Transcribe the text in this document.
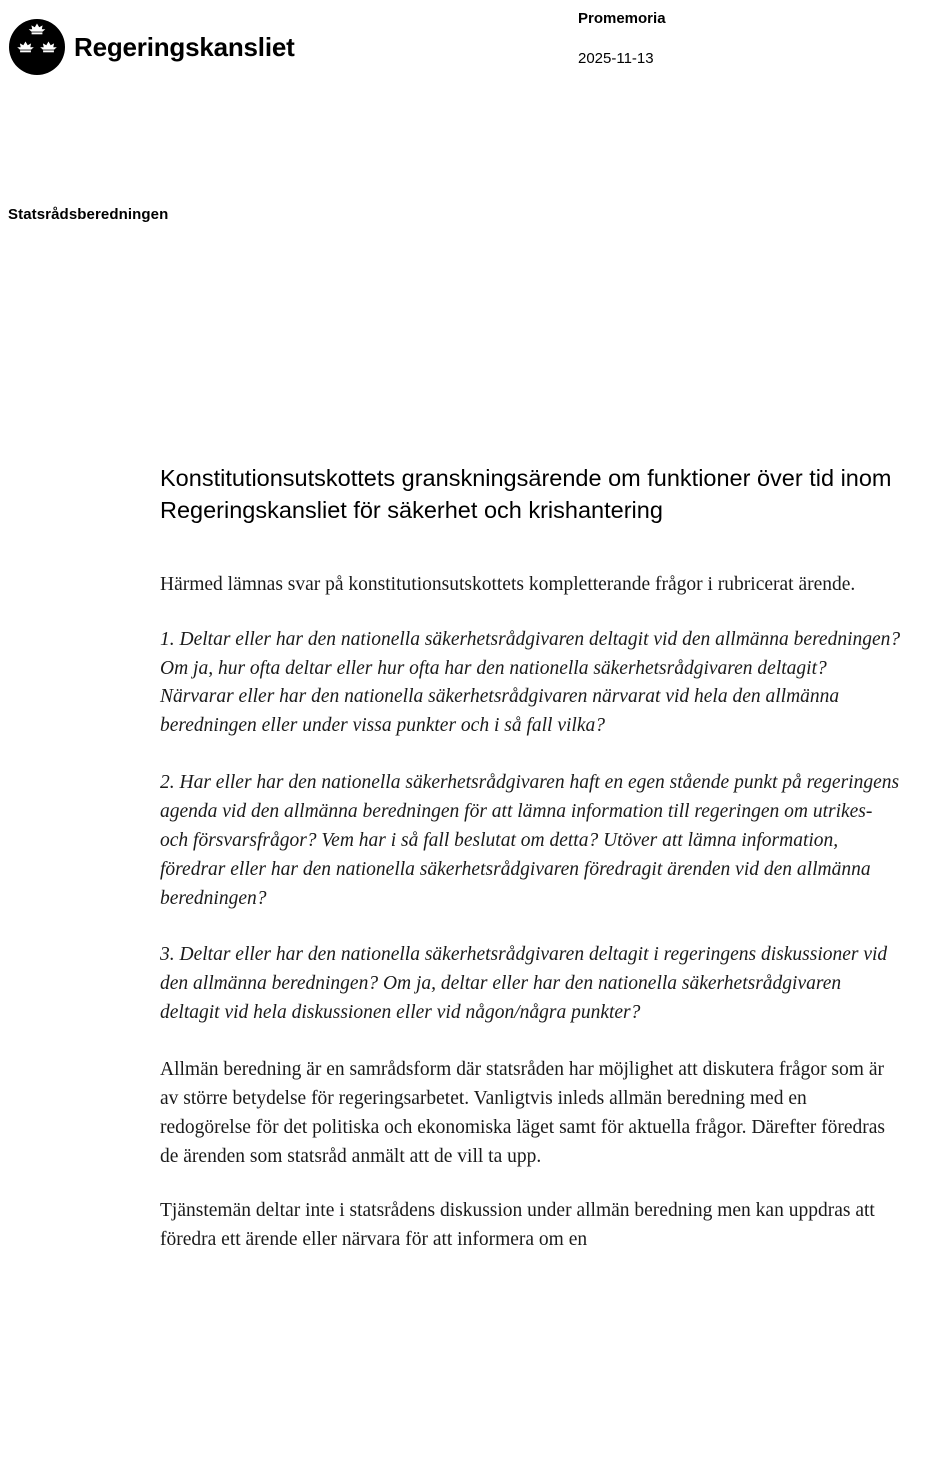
Regeringskansliet

Promemoria

2025-11-13

Statsrådsberedningen
Konstitutionsutskottets granskningsärende om funktioner över tid inom Regeringskansliet för säkerhet och krishantering

Härmed lämnas svar på konstitutionsutskottets kompletterande frågor i rubricerat ärende.

1. Deltar eller har den nationella säkerhetsrådgivaren deltagit vid den allmänna beredningen? Om ja, hur ofta deltar eller hur ofta har den nationella säkerhetsrådgivaren deltagit? Närvarar eller har den nationella säkerhetsrådgivaren närvarat vid hela den allmänna beredningen eller under vissa punkter och i så fall vilka?

2. Har eller har den nationella säkerhetsrådgivaren haft en egen stående punkt på regeringens agenda vid den allmänna beredningen för att lämna information till regeringen om utrikes- och försvarsfrågor? Vem har i så fall beslutat om detta? Utöver att lämna information, föredrar eller har den nationella säkerhetsrådgivaren föredragit ärenden vid den allmänna beredningen?

3. Deltar eller har den nationella säkerhetsrådgivaren deltagit i regeringens diskussioner vid den allmänna beredningen? Om ja, deltar eller har den nationella säkerhetsrådgivaren deltagit vid hela diskussionen eller vid någon/några punkter?

Allmän beredning är en samrådsform där statsråden har möjlighet att diskutera frågor som är av större betydelse för regeringsarbetet. Vanligtvis inleds allmän beredning med en redogörelse för det politiska och ekonomiska läget samt för aktuella frågor. Därefter föredras de ärenden som statsråd anmält att de vill ta upp.

Tjänstemän deltar inte i statsrådens diskussion under allmän beredning men kan uppdras att föredra ett ärende eller närvara för att informera om en
